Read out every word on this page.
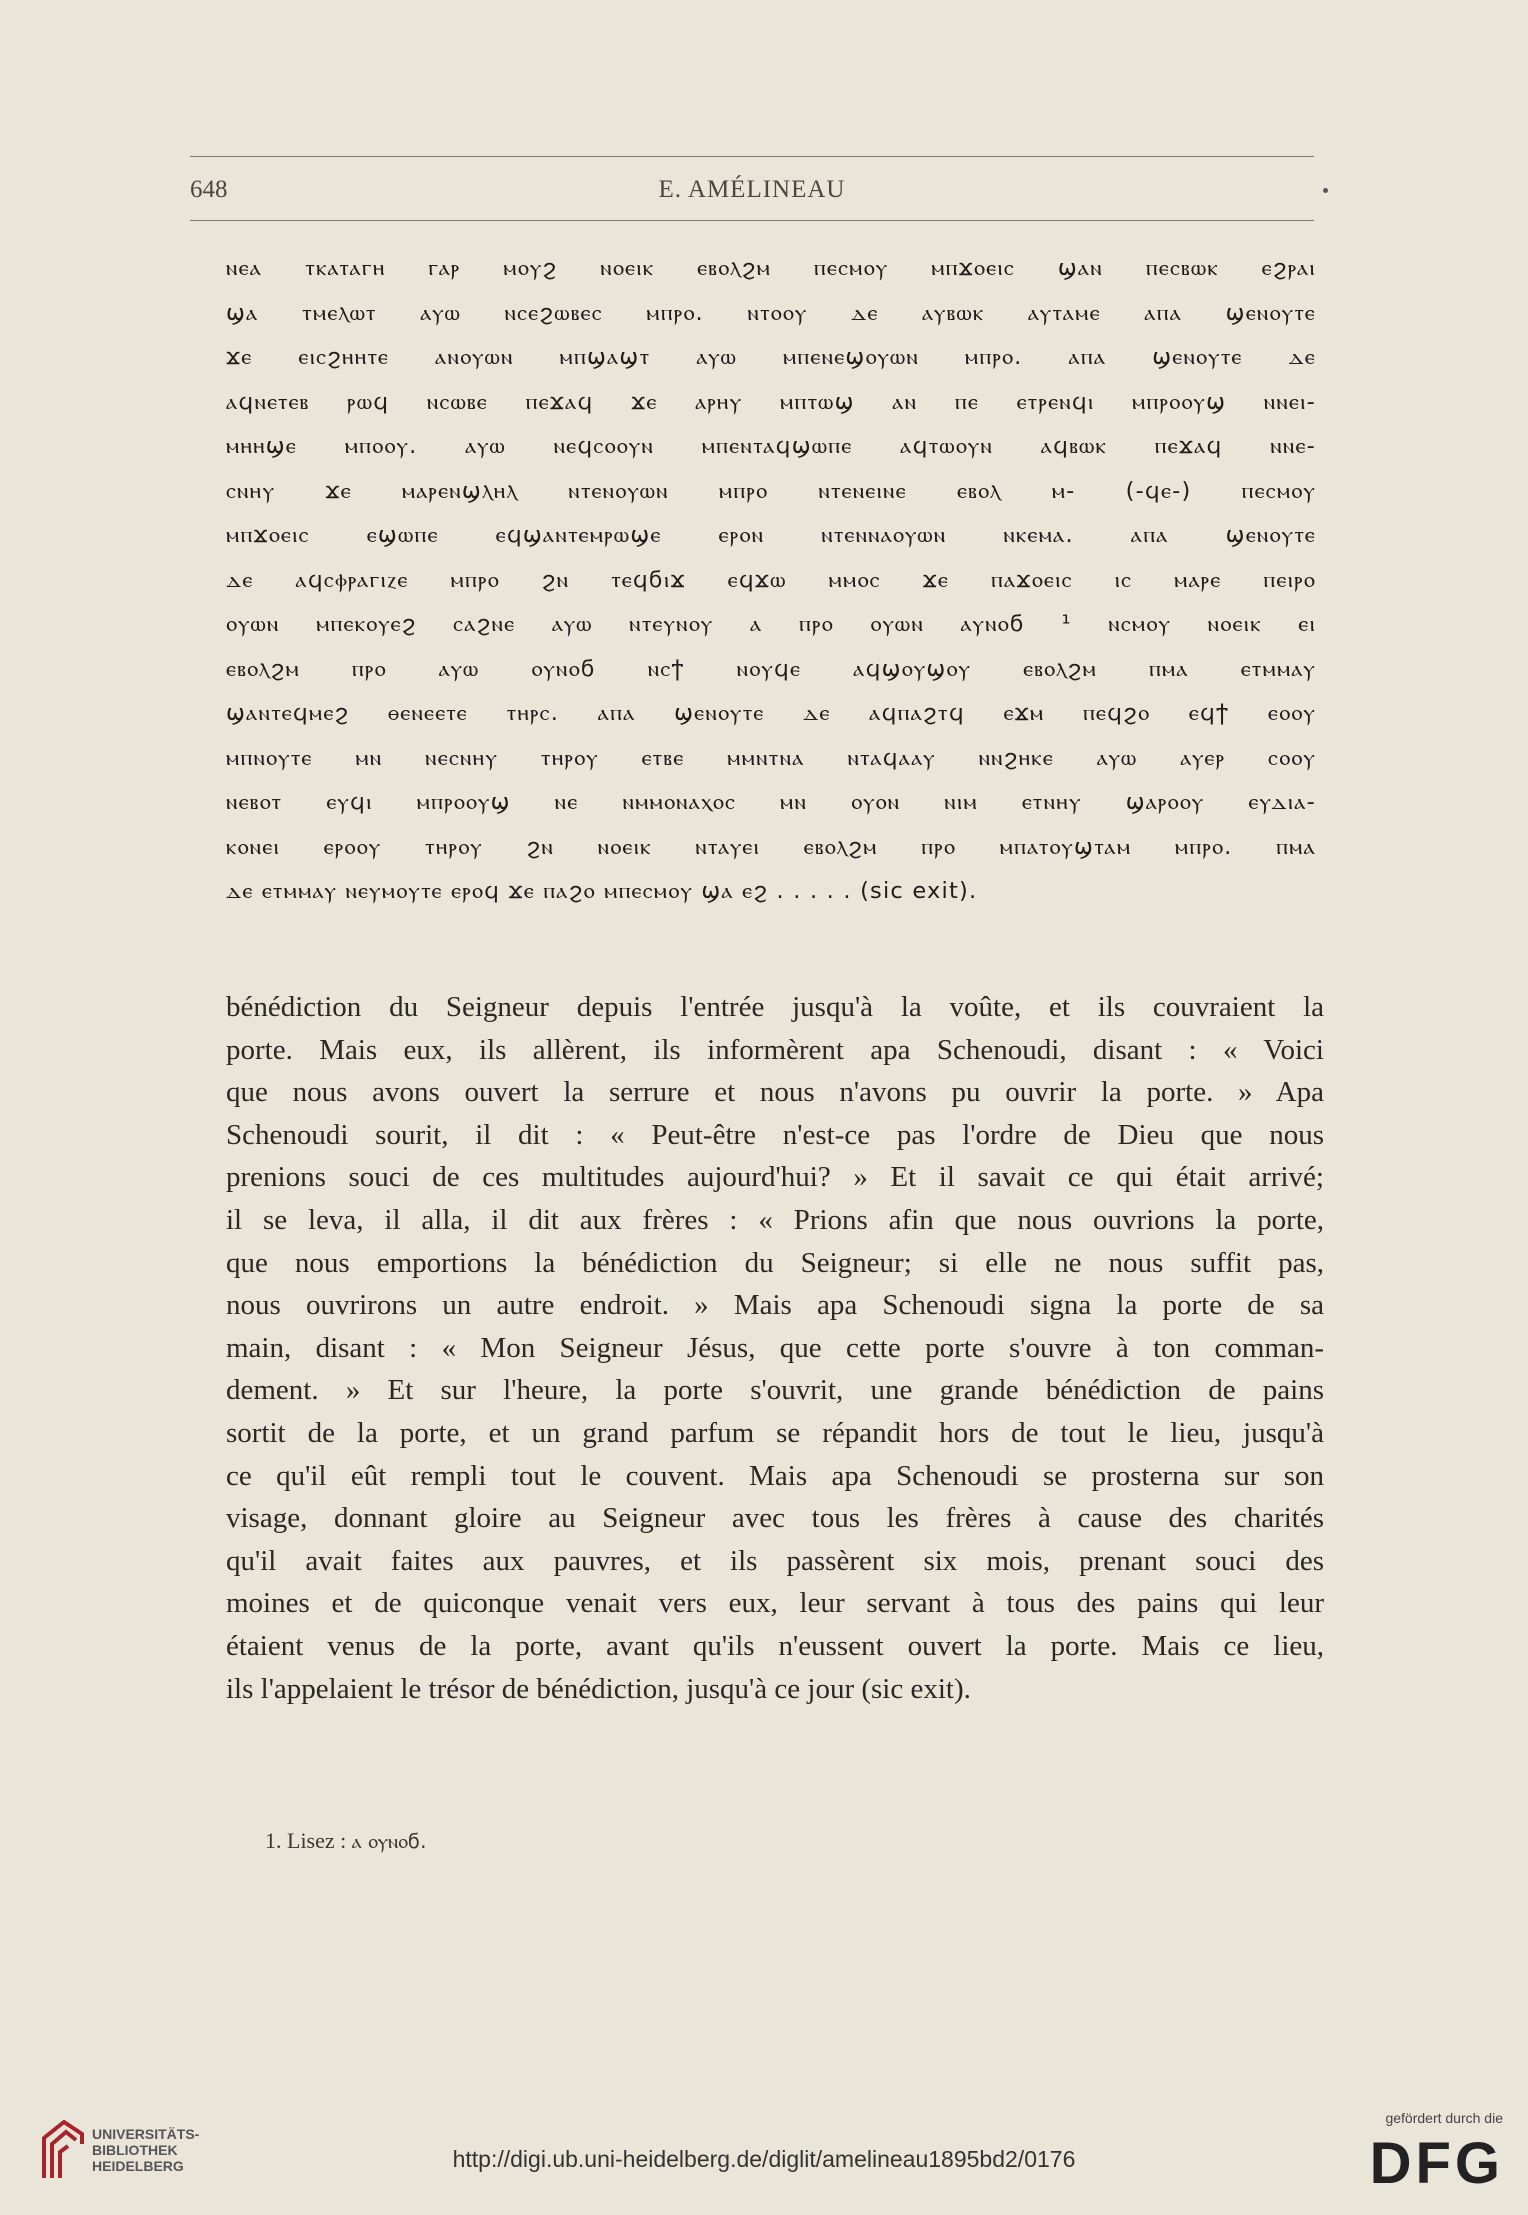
648	E. AMÉLINEAU
ⲛⲉⲁ ⲧⲕⲁⲧⲁⲅⲏ ⲅⲁⲣ ⲙⲟⲩϩ ⲛⲟⲉⲓⲕ ⲉⲃⲟⲗϩⲙ ⲡⲉⲥⲙⲟⲩ ⲙⲡϫⲟⲉⲓⲥ ϣⲁⲛ ⲡⲉⲥⲃⲱⲕ ⲉϩⲣⲁⲓ
ϣⲁ ⲧⲙⲉⲗⲱⲧ ⲁⲩⲱ ⲛⲥⲉϩⲱⲃⲉⲥ ⲙⲡⲣⲟ. ⲛⲧⲟⲟⲩ ⲇⲉ ⲁⲩⲃⲱⲕ ⲁⲩⲧⲁⲙⲉ ⲁⲡⲁ ϣⲉⲛⲟⲩⲧⲉ
ϫⲉ ⲉⲓⲥϩⲏⲏⲧⲉ ⲁⲛⲟⲩⲱⲛ ⲙⲡϣⲁϣⲧ ⲁⲩⲱ ⲙⲡⲉⲛⲉϣⲟⲩⲱⲛ ⲙⲡⲣⲟ. ⲁⲡⲁ ϣⲉⲛⲟⲩⲧⲉ ⲇⲉ
ⲁϥⲛⲉⲧⲉⲃ ⲣⲱϥ ⲛⲥⲱⲃⲉ ⲡⲉϫⲁϥ ϫⲉ ⲁⲣⲏⲩ ⲙⲡⲧⲱϣ ⲁⲛ ⲡⲉ ⲉⲧⲣⲉⲛϥⲓ ⲙⲡⲣⲟⲟⲩϣ ⲛⲛⲉⲓ-
ⲙⲏⲏϣⲉ ⲙⲡⲟⲟⲩ. ⲁⲩⲱ ⲛⲉϥⲥⲟⲟⲩⲛ ⲙⲡⲉⲛⲧⲁϥϣⲱⲡⲉ ⲁϥⲧⲱⲟⲩⲛ ⲁϥⲃⲱⲕ ⲡⲉϫⲁϥ ⲛⲛⲉ-
ⲥⲛⲏⲩ ϫⲉ ⲙⲁⲣⲉⲛϣⲗⲏⲗ ⲛⲧⲉⲛⲟⲩⲱⲛ ⲙⲡⲣⲟ ⲛⲧⲉⲛⲉⲓⲛⲉ ⲉⲃⲟⲗ ⲙ- (-ϥⲉ-) ⲡⲉⲥⲙⲟⲩ
ⲙⲡϫⲟⲉⲓⲥ ⲉϣⲱⲡⲉ ⲉϥϣⲁⲛⲧⲉⲙⲣⲱϣⲉ ⲉⲣⲟⲛ ⲛⲧⲉⲛⲛⲁⲟⲩⲱⲛ ⲛⲕⲉⲙⲁ. ⲁⲡⲁ ϣⲉⲛⲟⲩⲧⲉ
ⲇⲉ ⲁϥⲥⲫⲣⲁⲅⲓⲍⲉ ⲙⲡⲣⲟ ϩⲛ ⲧⲉϥϭⲓϫ ⲉϥϫⲱ ⲙⲙⲟⲥ ϫⲉ ⲡⲁϫⲟⲉⲓⲥ ⲓⲥ ⲙⲁⲣⲉ ⲡⲉⲓⲣⲟ
ⲟⲩⲱⲛ ⲙⲡⲉⲕⲟⲩⲉϩ ⲥⲁϩⲛⲉ ⲁⲩⲱ ⲛⲧⲉⲩⲛⲟⲩ ⲁ ⲡⲣⲟ ⲟⲩⲱⲛ ⲁⲩⲛⲟϭ ¹ ⲛⲥⲙⲟⲩ ⲛⲟⲉⲓⲕ ⲉⲓ
ⲉⲃⲟⲗϩⲙ ⲡⲣⲟ ⲁⲩⲱ ⲟⲩⲛⲟϭ ⲛⲥϯ ⲛⲟⲩϥⲉ ⲁϥϣⲟⲩϣⲟⲩ ⲉⲃⲟⲗϩⲙ ⲡⲙⲁ ⲉⲧⲙⲙⲁⲩ
ϣⲁⲛⲧⲉϥⲙⲉϩ ⲑⲉⲛⲉⲉⲧⲉ ⲧⲏⲣⲥ. ⲁⲡⲁ ϣⲉⲛⲟⲩⲧⲉ ⲇⲉ ⲁϥⲡⲁϩⲧϥ ⲉϫⲙ ⲡⲉϥϩⲟ ⲉϥϯ ⲉⲟⲟⲩ
ⲙⲡⲛⲟⲩⲧⲉ ⲙⲛ ⲛⲉⲥⲛⲏⲩ ⲧⲏⲣⲟⲩ ⲉⲧⲃⲉ ⲙⲙⲛⲧⲛⲁ ⲛⲧⲁϥⲁⲁⲩ ⲛⲛϩⲏⲕⲉ ⲁⲩⲱ ⲁⲩⲉⲣ ⲥⲟⲟⲩ
ⲛⲉⲃⲟⲧ ⲉⲩϥⲓ ⲙⲡⲣⲟⲟⲩϣ ⲛⲉ ⲛⲙⲙⲟⲛⲁⲭⲟⲥ ⲙⲛ ⲟⲩⲟⲛ ⲛⲓⲙ ⲉⲧⲛⲏⲩ ϣⲁⲣⲟⲟⲩ ⲉⲩⲇⲓⲁ-
ⲕⲟⲛⲉⲓ ⲉⲣⲟⲟⲩ ⲧⲏⲣⲟⲩ ϩⲛ ⲛⲟⲉⲓⲕ ⲛⲧⲁⲩⲉⲓ ⲉⲃⲟⲗϩⲙ ⲡⲣⲟ ⲙⲡⲁⲧⲟⲩϣⲧⲁⲙ ⲙⲡⲣⲟ. ⲡⲙⲁ
ⲇⲉ ⲉⲧⲙⲙⲁⲩ ⲛⲉⲩⲙⲟⲩⲧⲉ ⲉⲣⲟϥ ϫⲉ ⲡⲁϩⲟ ⲙⲡⲉⲥⲙⲟⲩ ϣⲁ ⲉϩ . . . . . (sic exit).
bénédiction du Seigneur depuis l'entrée jusqu'à la voûte, et ils couvraient la
porte. Mais eux, ils allèrent, ils informèrent apa Schenoudi, disant : « Voici
que nous avons ouvert la serrure et nous n'avons pu ouvrir la porte. » Apa
Schenoudi sourit, il dit : « Peut-être n'est-ce pas l'ordre de Dieu que nous
prenions souci de ces multitudes aujourd'hui? » Et il savait ce qui était arrivé;
il se leva, il alla, il dit aux frères : « Prions afin que nous ouvrions la porte,
que nous emportions la bénédiction du Seigneur; si elle ne nous suffit pas,
nous ouvrirons un autre endroit. » Mais apa Schenoudi signa la porte de sa
main, disant : « Mon Seigneur Jésus, que cette porte s'ouvre à ton comman-
dement. » Et sur l'heure, la porte s'ouvrit, une grande bénédiction de pains
sortit de la porte, et un grand parfum se répandit hors de tout le lieu, jusqu'à
ce qu'il eût rempli tout le couvent. Mais apa Schenoudi se prosterna sur son
visage, donnant gloire au Seigneur avec tous les frères à cause des charités
qu'il avait faites aux pauvres, et ils passèrent six mois, prenant souci des
moines et de quiconque venait vers eux, leur servant à tous des pains qui leur
étaient venus de la porte, avant qu'ils n'eussent ouvert la porte. Mais ce lieu,
ils l'appelaient le trésor de bénédiction, jusqu'à ce jour (sic exit).
1. Lisez : ⲁ ⲟⲩⲛⲟϭ.
UNIVERSITÄTS- BIBLIOTHEK HEIDELBERG	http://digi.ub.uni-heidelberg.de/diglit/amelineau1895bd2/0176
gefördert durch die
DFG
